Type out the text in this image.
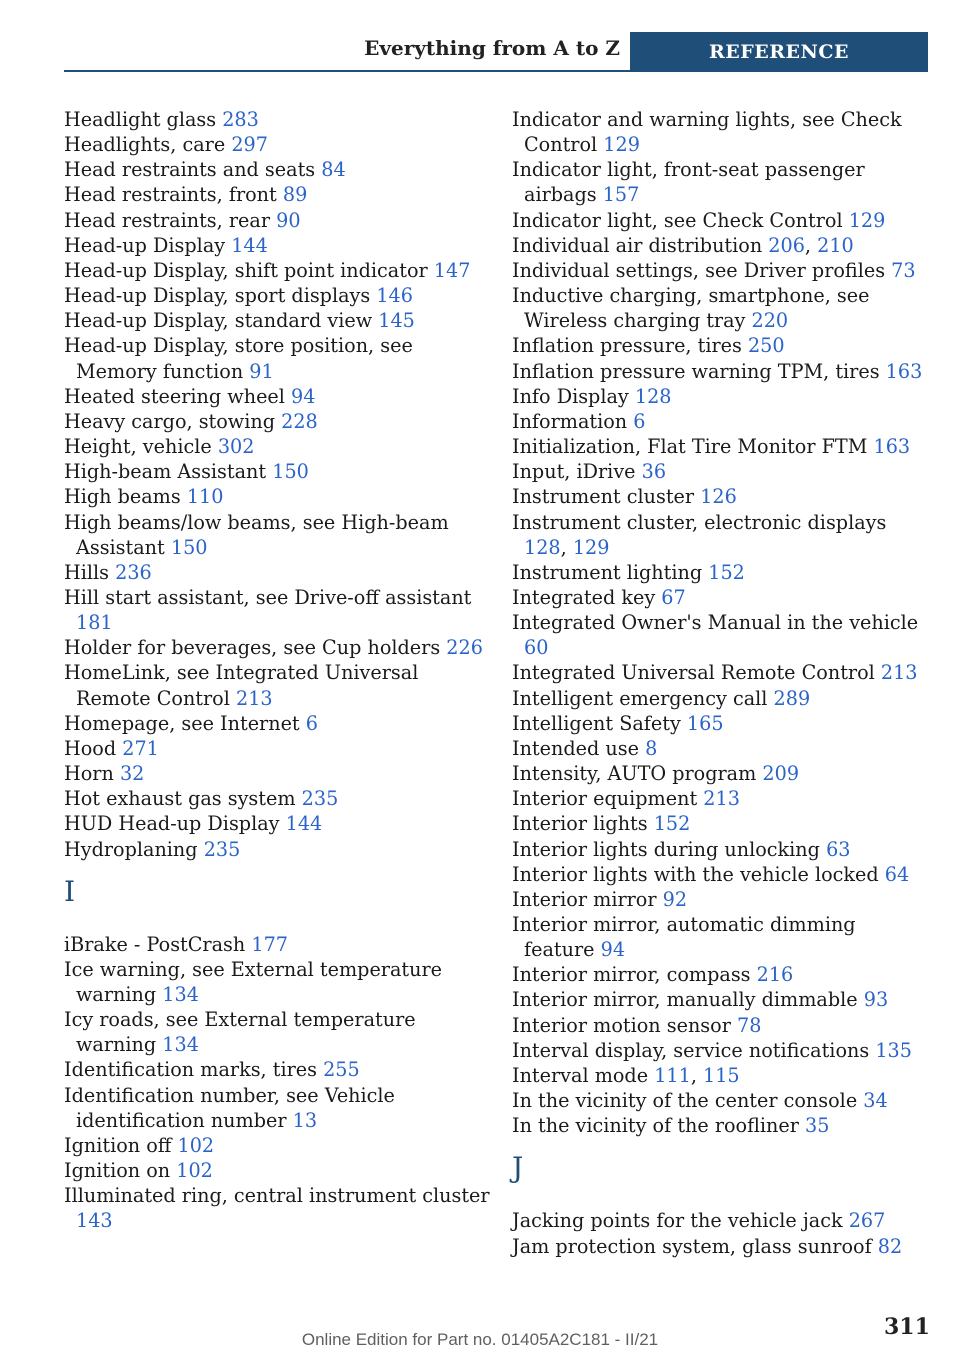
Everything from A to Z	REFERENCE
Headlight glass 283
Headlights, care 297
Head restraints and seats 84
Head restraints, front 89
Head restraints, rear 90
Head-up Display 144
Head-up Display, shift point indicator 147
Head-up Display, sport displays 146
Head-up Display, standard view 145
Head-up Display, store position, see Memory function 91
Heated steering wheel 94
Heavy cargo, stowing 228
Height, vehicle 302
High-beam Assistant 150
High beams 110
High beams/low beams, see High-beam Assistant 150
Hills 236
Hill start assistant, see Drive-off assistant 181
Holder for beverages, see Cup holders 226
HomeLink, see Integrated Universal Remote Control 213
Homepage, see Internet 6
Hood 271
Horn 32
Hot exhaust gas system 235
HUD Head-up Display 144
Hydroplaning 235
I
iBrake - PostCrash 177
Ice warning, see External temperature warning 134
Icy roads, see External temperature warning 134
Identification marks, tires 255
Identification number, see Vehicle identification number 13
Ignition off 102
Ignition on 102
Illuminated ring, central instrument cluster 143
Indicator and warning lights, see Check Control 129
Indicator light, front-seat passenger airbags 157
Indicator light, see Check Control 129
Individual air distribution 206, 210
Individual settings, see Driver profiles 73
Inductive charging, smartphone, see Wireless charging tray 220
Inflation pressure, tires 250
Inflation pressure warning TPM, tires 163
Info Display 128
Information 6
Initialization, Flat Tire Monitor FTM 163
Input, iDrive 36
Instrument cluster 126
Instrument cluster, electronic displays 128, 129
Instrument lighting 152
Integrated key 67
Integrated Owner's Manual in the vehicle 60
Integrated Universal Remote Control 213
Intelligent emergency call 289
Intelligent Safety 165
Intended use 8
Intensity, AUTO program 209
Interior equipment 213
Interior lights 152
Interior lights during unlocking 63
Interior lights with the vehicle locked 64
Interior mirror 92
Interior mirror, automatic dimming feature 94
Interior mirror, compass 216
Interior mirror, manually dimmable 93
Interior motion sensor 78
Interval display, service notifications 135
Interval mode 111, 115
In the vicinity of the center console 34
In the vicinity of the roofliner 35
J
Jacking points for the vehicle jack 267
Jam protection system, glass sunroof 82
311
Online Edition for Part no. 01405A2C181 - II/21
